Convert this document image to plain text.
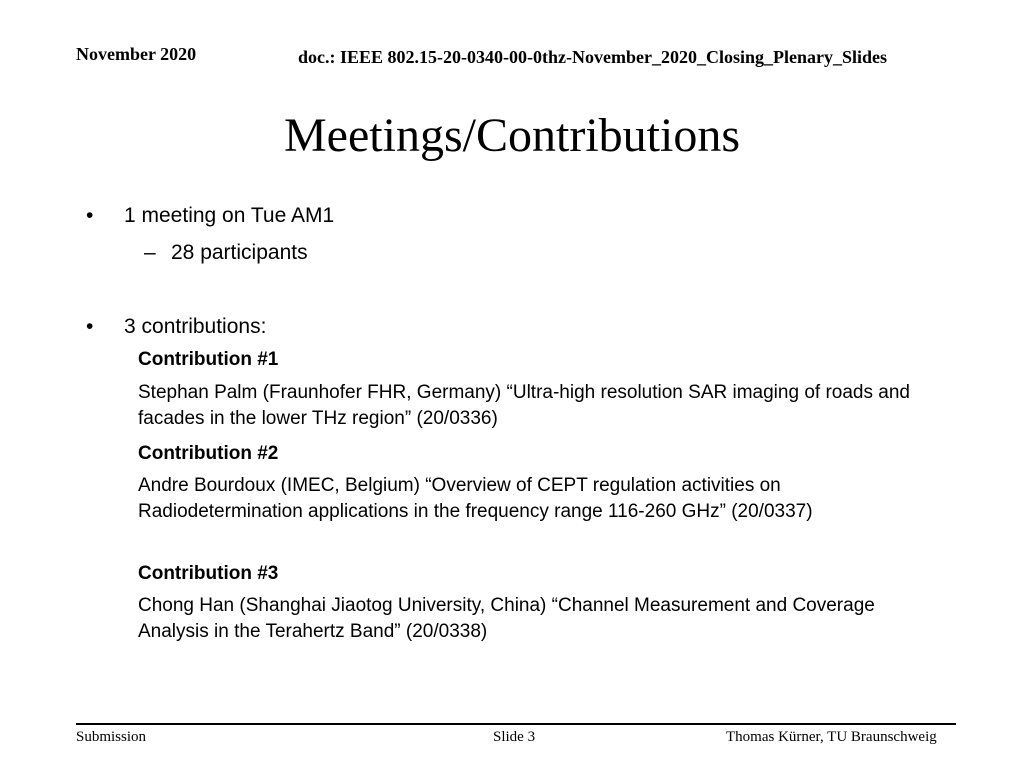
November 2020	doc.: IEEE 802.15-20-0340-00-0thz-November_2020_Closing_Plenary_Slides
Meetings/Contributions
• 1 meeting on Tue AM1
– 28 participants
• 3 contributions:
Contribution #1
Stephan Palm (Fraunhofer FHR, Germany) “Ultra-high resolution SAR imaging of roads and facades in the lower THz region” (20/0336)
Contribution #2
Andre Bourdoux (IMEC, Belgium) “Overview of CEPT regulation activities on Radiodetermination applications in the frequency range 116-260 GHz” (20/0337)
Contribution #3
Chong Han (Shanghai Jiaotog University, China) “Channel Measurement and Coverage Analysis in the Terahertz Band” (20/0338)
Submission	Slide 3	Thomas Kürner, TU Braunschweig
